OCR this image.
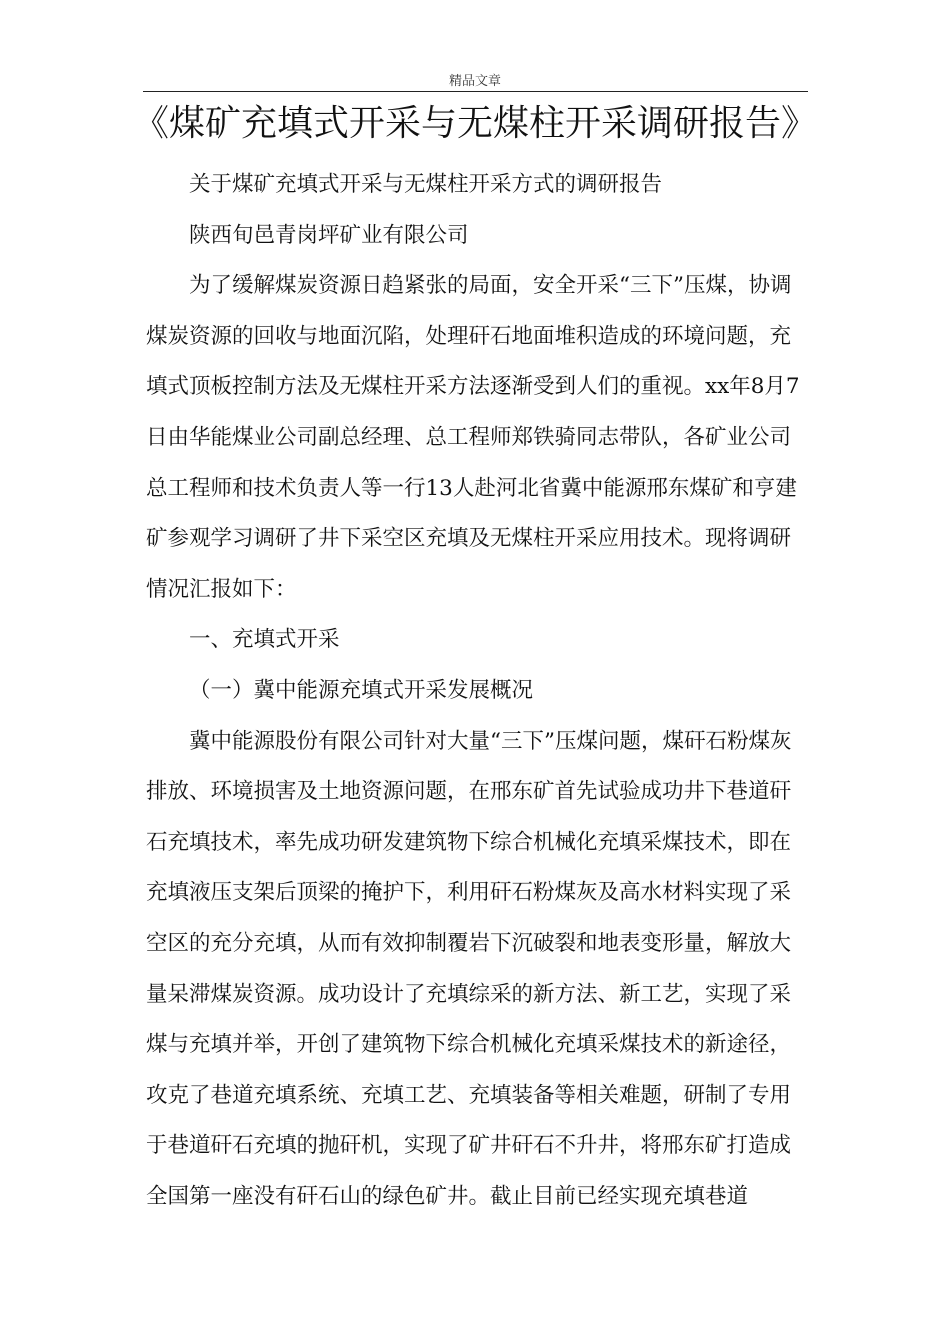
精品文章
《煤矿充填式开采与无煤柱开采调研报告》

关于煤矿充填式开采与无煤柱开采方式的调研报告

陕西旬邑青岗坪矿业有限公司

为了缓解煤炭资源日趋紧张的局面，安全开采“三下”压煤，协调煤炭资源的回收与地面沉陷，处理矸石地面堆积造成的环境问题，充填式顶板控制方法及无煤柱开采方法逐渐受到人们的重视。xx年8月7日由华能煤业公司副总经理、总工程师郑铁骑同志带队，各矿业公司总工程师和技术负责人等一行13人赴河北省冀中能源邢东煤矿和亨建矿参观学习调研了井下采空区充填及无煤柱开采应用技术。现将调研情况汇报如下：

一、充填式开采

（一）冀中能源充填式开采发展概况

冀中能源股份有限公司针对大量“三下”压煤问题，煤矸石粉煤灰排放、环境损害及土地资源问题，在邢东矿首先试验成功井下巷道矸石充填技术，率先成功研发建筑物下综合机械化充填采煤技术，即在充填液压支架后顶梁的掩护下，利用矸石粉煤灰及高水材料实现了采空区的充分充填，从而有效抑制覆岩下沉破裂和地表变形量，解放大量呆滞煤炭资源。成功设计了充填综采的新方法、新工艺，实现了采煤与充填并举，开创了建筑物下综合机械化充填采煤技术的新途径，攻克了巷道充填系统、充填工艺、充填装备等相关难题，研制了专用于巷道矸石充填的抛矸机，实现了矿井矸石不升井，将邢东矿打造成全国第一座没有矸石山的绿色矿井。截止目前已经实现充填巷道
